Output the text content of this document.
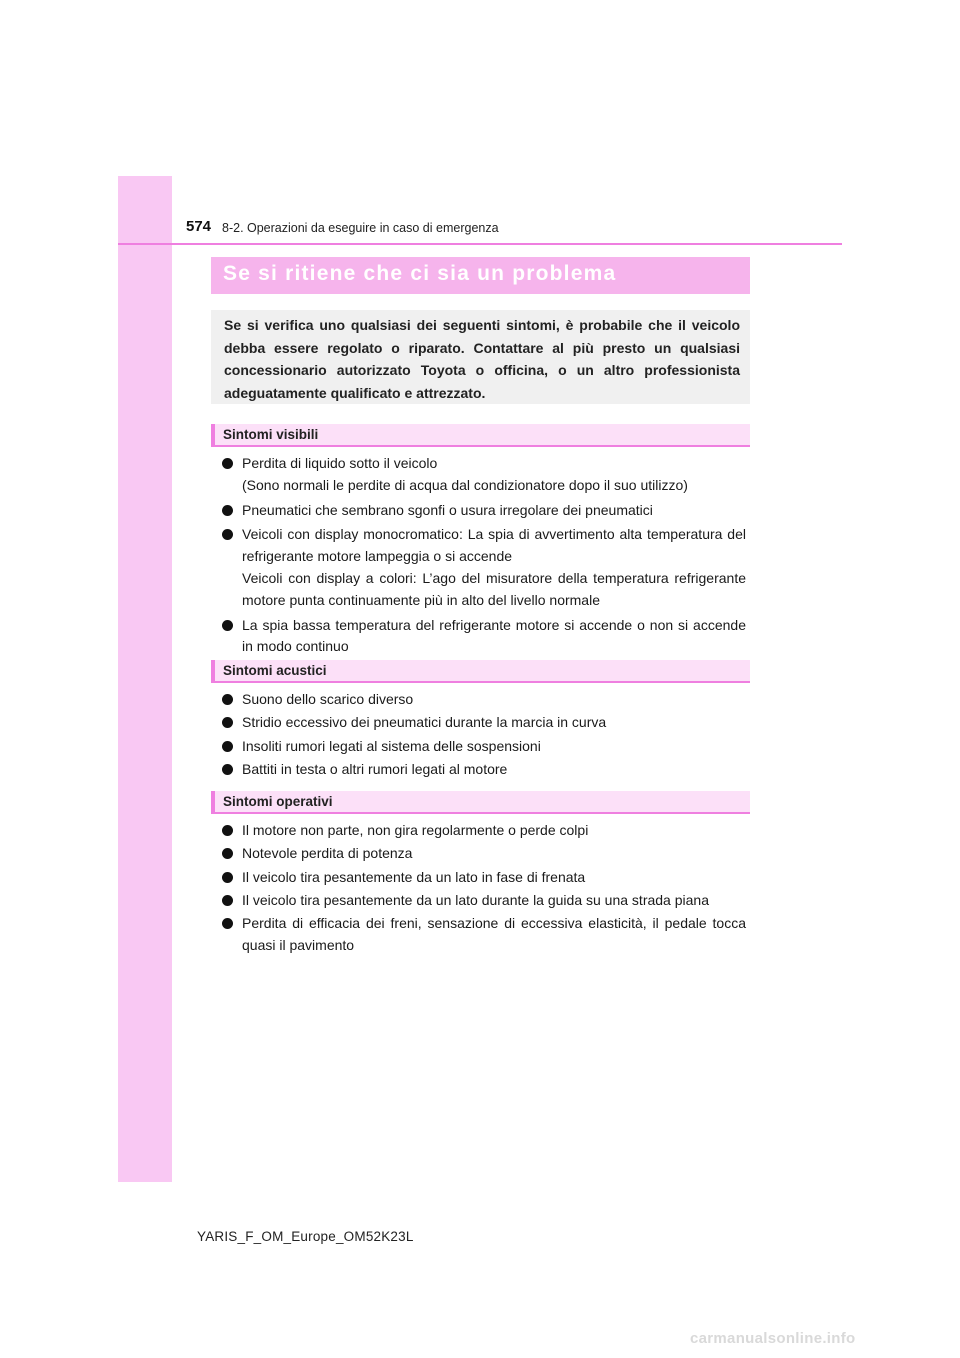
574 8-2. Operazioni da eseguire in caso di emergenza
Se si ritiene che ci sia un problema

Se si verifica uno qualsiasi dei seguenti sintomi, è probabile che il veicolo debba essere regolato o riparato. Contattare al più presto un qualsiasi concessionario autorizzato Toyota o officina, o un altro professionista adeguatamente qualificato e attrezzato.

Sintomi visibili
Perdita di liquido sotto il veicolo
(Sono normali le perdite di acqua dal condizionatore dopo il suo utilizzo)
Pneumatici che sembrano sgonfi o usura irregolare dei pneumatici
Veicoli con display monocromatico: La spia di avvertimento alta temperatura del refrigerante motore lampeggia o si accende
Veicoli con display a colori: L’ago del misuratore della temperatura refrigerante motore punta continuamente più in alto del livello normale
La spia bassa temperatura del refrigerante motore si accende o non si accende in modo continuo
Sintomi acustici
Suono dello scarico diverso
Stridio eccessivo dei pneumatici durante la marcia in curva
Insoliti rumori legati al sistema delle sospensioni
Battiti in testa o altri rumori legati al motore
Sintomi operativi
Il motore non parte, non gira regolarmente o perde colpi
Notevole perdita di potenza
Il veicolo tira pesantemente da un lato in fase di frenata
Il veicolo tira pesantemente da un lato durante la guida su una strada piana
Perdita di efficacia dei freni, sensazione di eccessiva elasticità, il pedale tocca quasi il pavimento
YARIS_F_OM_Europe_OM52K23L
carmanualsonline.info
